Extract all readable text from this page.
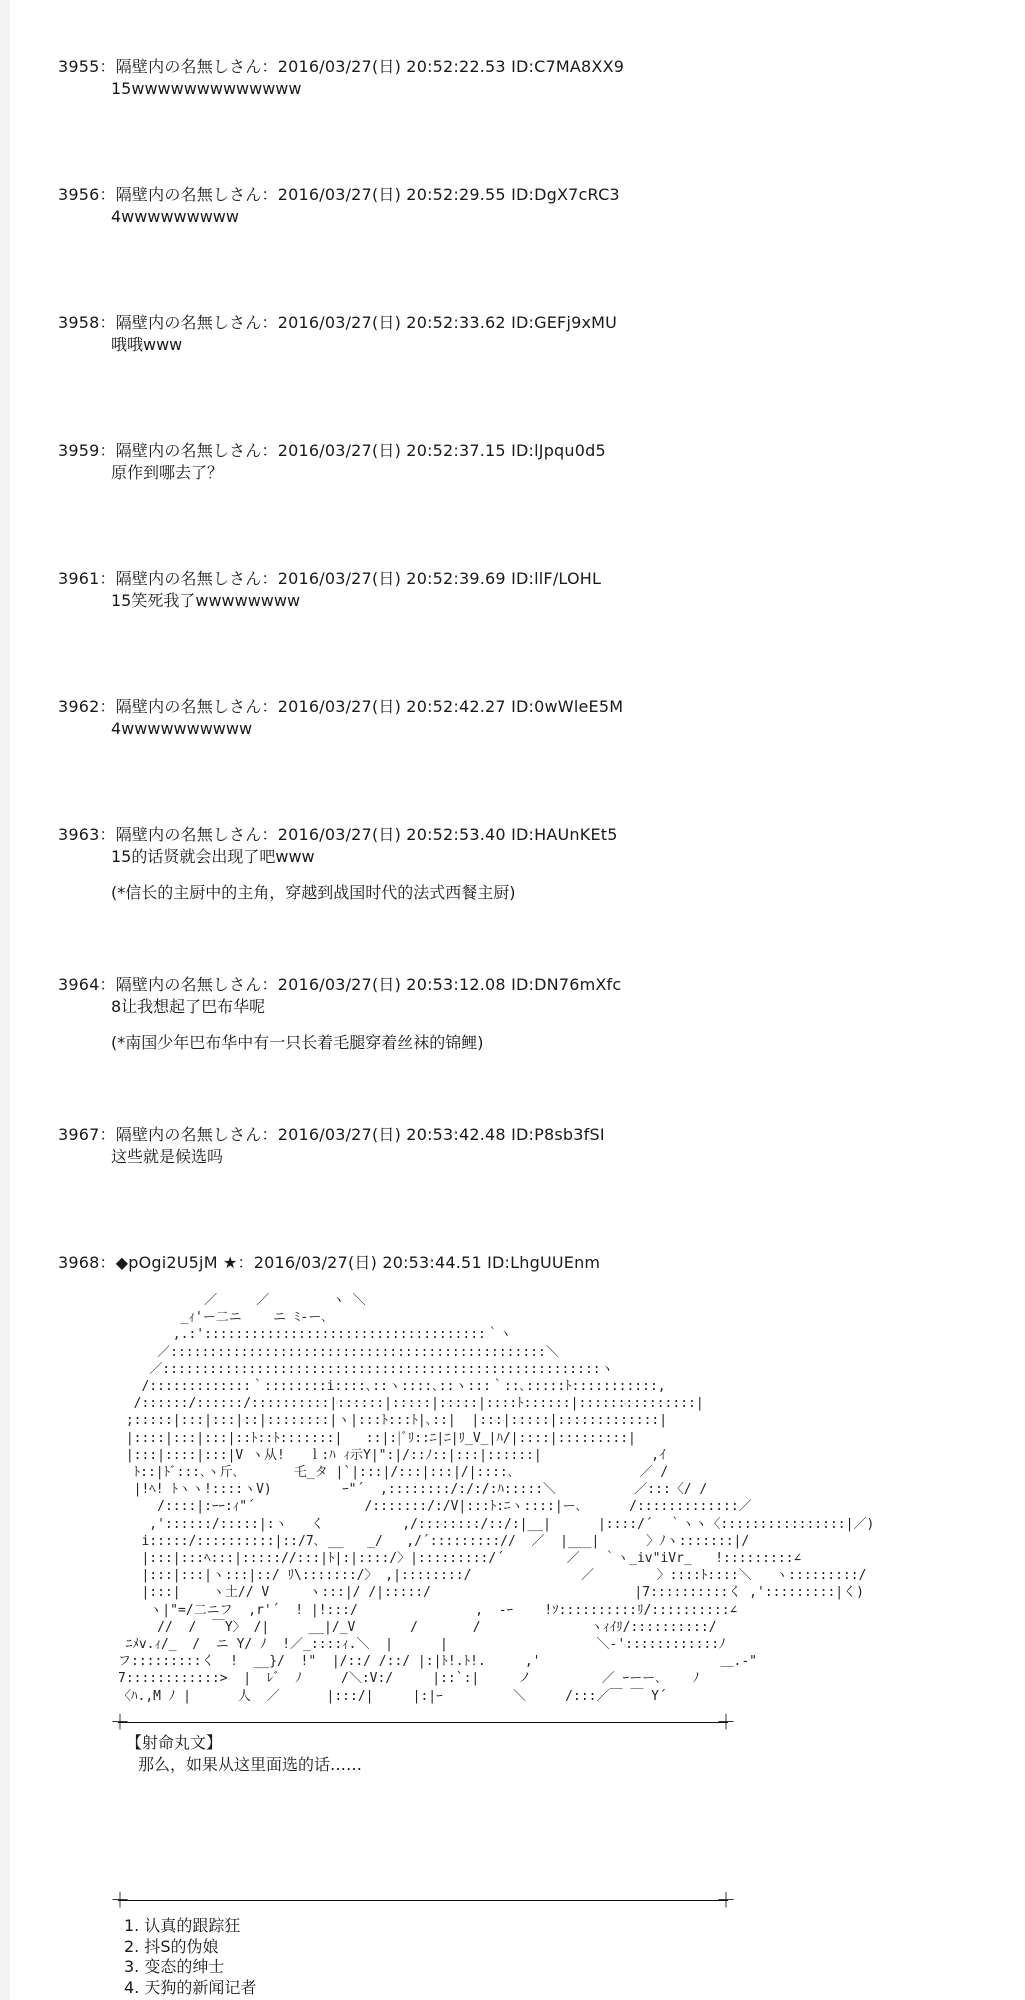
3955：隔壁内の名無しさん：2016/03/27(日) 20:52:22.53 ID:C7MA8XX9
15wwwwwwwwwwwww
3956：隔壁内の名無しさん：2016/03/27(日) 20:52:29.55 ID:DgX7cRC3
4wwwwwwwww
3958：隔壁内の名無しさん：2016/03/27(日) 20:52:33.62 ID:GEFj9xMU
哦哦www
3959：隔壁内の名無しさん：2016/03/27(日) 20:52:37.15 ID:lJpqu0d5
原作到哪去了？
3961：隔壁内の名無しさん：2016/03/27(日) 20:52:39.69 ID:llF/LOHL
15笑死我了wwwwwwww
3962：隔壁内の名無しさん：2016/03/27(日) 20:52:42.27 ID:0wWleE5M
4wwwwwwwwww
3963：隔壁内の名無しさん：2016/03/27(日) 20:52:53.40 ID:HAUnKEt5
15的话贤就会出现了吧www
(*信长的主厨中的主角，穿越到战国时代的法式西餐主厨)
3964：隔壁内の名無しさん：2016/03/27(日) 20:53:12.08 ID:DN76mXfc
8让我想起了巴布华呢
(*南国少年巴布华中有一只长着毛腿穿着丝袜的锦鲤)
3967：隔壁内の名無しさん：2016/03/27(日) 20:53:42.48 ID:P8sb3fSI
这些就是候选吗
3968：◆pOgi2U5jM ★：2016/03/27(日) 20:53:44.51 ID:LhgUUEnm
／     ／        ヽ ＼
_ｨ'ー二ニ    ニ ﾐ-ー､
,.:'::::::::::::::::::::::::::::::::::::｀ヽ
／::::::::::::::::::::::::::::::::::::::::::::::::＼
／::::::::::::::::::::::::::::::::::::::::::::::::::::::::ヽ
/:::::::::::::｀::::::::i::::､::ヽ::::､::ヽ:::｀::､:::::ﾄ:::::::::::,
/::::::/::::::/::::::::::|::::::|:::::|:::::|::::ﾄ::::::|:::::::::::::::|
;:::::|:::|:::|::|::::::::|ヽ|:::ﾄ:::ﾄ|､::|  |:::|:::::|:::::::::::::|
|::::|:::|:::|::ﾄ::ﾄ:::::::|   ::|:|ﾞﾘ::ﾆ|ﾆ|ﾘ_V_|ﾊ/|::::|:::::::::|
|:::|::::|:::|V ヽ从!   ｌ:ﾊ ｨ示Y|":|/::ﾉ::|:::|::::::|              ,ｲ
ﾄ::|ﾄﾞ:::､ヽ斤､       乇_タ |`|:::|/:::|:::|/|::::､                ／ /
|!ﾍ! ﾄヽヽ!::::ヽV)         ｰ"´  ,::::::::/:/:/:ﾊ:::::＼          ／:::〈/ /
/::::|:ｰｰ:ｨ"´              /:::::::/:/V|:::ﾄ:ﾆヽ::::|ー､      /:::::::::::::／
,'::::::/:::::|:ヽ   く          ,/::::::::/::/:|__|      |::::/´  ｀ヽヽ〈::::::::::::::::|／)
i:::::/::::::::::|::/7､ __   _/   ,/´::::::::://  ／  |___|      〉ﾉヽ:::::::|/
|:::|:::ﾍ:::|::::://:::|ﾄ|:|::::/〉|:::::::::/´        ／   ｀ヽ_iv"iVr_   !:::::::::∠
|:::|:::|ヽ:::|::/ ﾘ\:::::::/〉 ,|::::::::/              ／        〉::::ﾄ::::＼   ヽ:::::::::/
|:::|    ヽ土// V     ヽ:::|/ /|:::::/                          |7::::::::::く ,':::::::::|く)
ヽ|"=/二ニフ  ,r'´  ! |!:::/               ,  -ｰ    !ｿ::::::::::ﾘ/::::::::::∠
//  /  ￣Y〉 /|     __|/_V       /       /              ヽｨｲﾘ/::::::::::/
ﾆﾒv.ｨ/_  /  ニ Y/ ﾉ  !／_::::ｨ.＼  |      |                   ＼-'::::::::::::ﾉ
フ:::::::::く  !  __}/  !"  |/::/ /::/ |:|ﾄ!.ﾄ!.     ,'                       ＿.-"
7::::::::::::>  |  ﾚﾞ  ﾉ     /＼:V:/     |::`:|     ノ         ／ ｰーー､    ﾉ
〈ﾊ.,M ﾉ |      人  ／      |:::/|     |:|ｰ         ＼     /:::／￣ ￣ Y´
＋	＋
【射命丸文】
那么，如果从这里面选的话……
＋	＋
1. 认真的跟踪狂
2. 抖S的伪娘
3. 变态的绅士
4. 天狗的新闻记者
